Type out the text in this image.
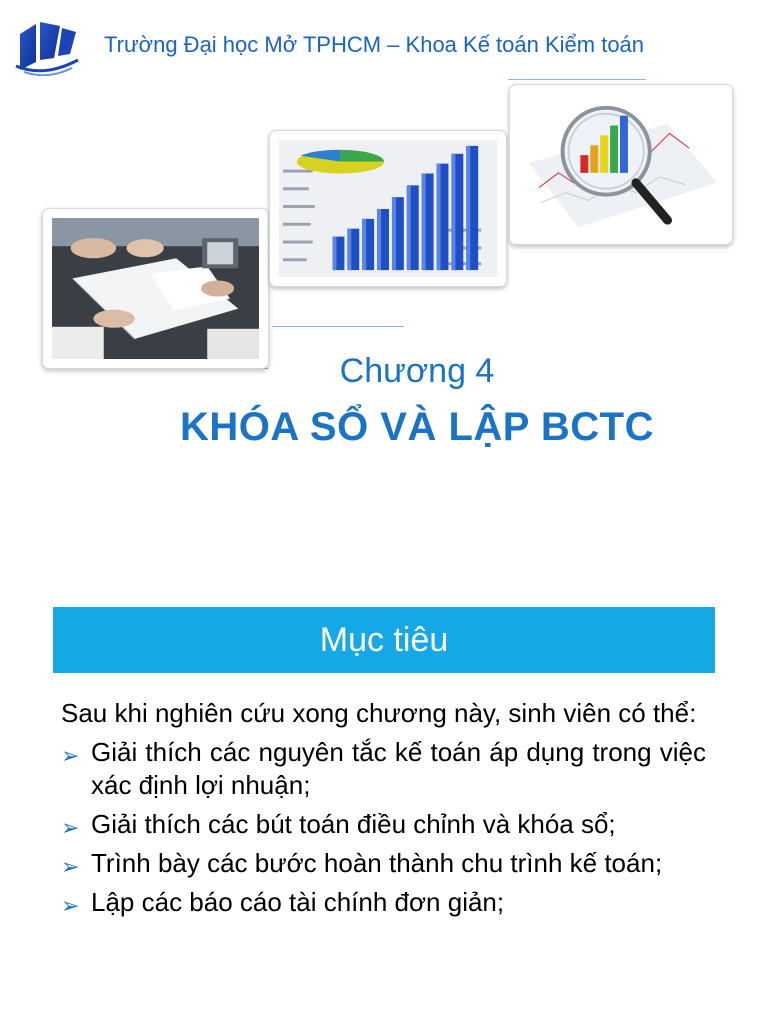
Trường Đại học Mở TPHCM – Khoa Kế toán Kiểm toán
Chương 4
KHÓA SỔ VÀ LẬP BCTC
Mục tiêu

Sau khi nghiên cứu xong chương này, sinh viên có thể:

➢ Giải thích các nguyên tắc kế toán áp dụng trong việc xác định lợi nhuận;
➢ Giải thích các bút toán điều chỉnh và khóa sổ;
➢ Trình bày các bước hoàn thành chu trình kế toán;
➢ Lập các báo cáo tài chính đơn giản;
